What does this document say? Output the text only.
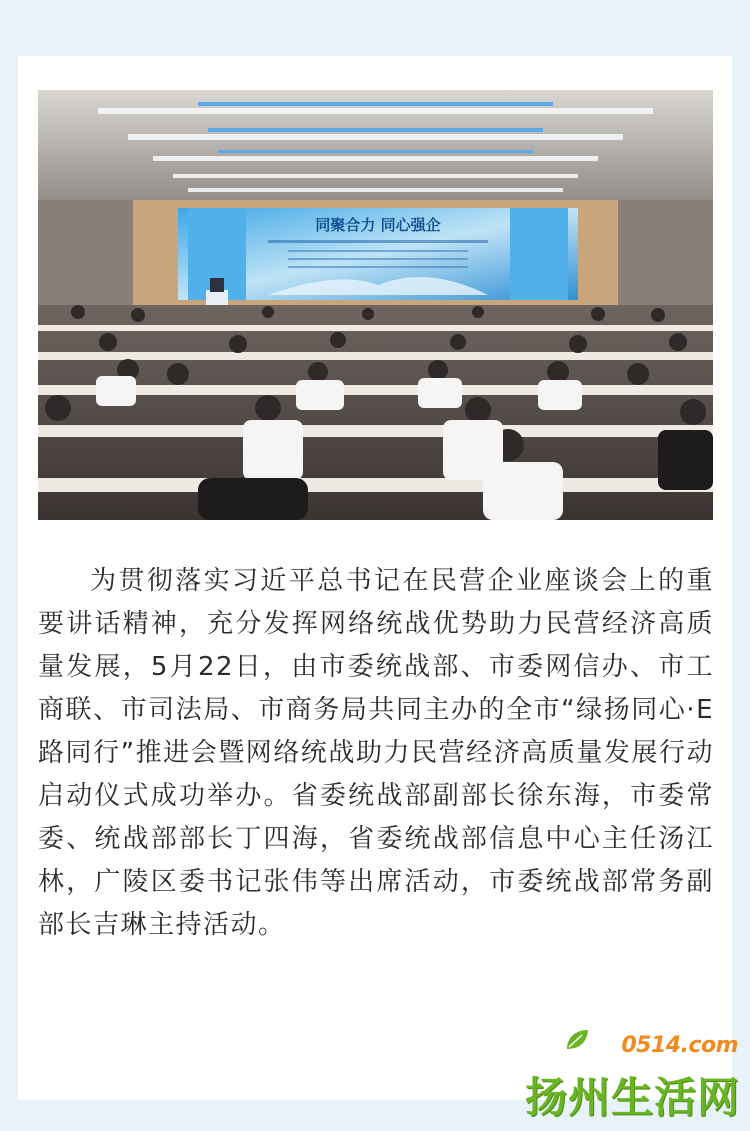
同聚合力 同心强企

为贯彻落实习近平总书记在民营企业座谈会上的重要讲话精神，充分发挥网络统战优势助力民营经济高质量发展，5月22日，由市委统战部、市委网信办、市工商联、市司法局、市商务局共同主办的全市“绿扬同心·E路同行”推进会暨网络统战助力民营经济高质量发展行动启动仪式成功举办。省委统战部副部长徐东海，市委常委、统战部部长丁四海，省委统战部信息中心主任汤江林，广陵区委书记张伟等出席活动，市委统战部常务副部长吉琳主持活动。

0514.com
扬州生活网
